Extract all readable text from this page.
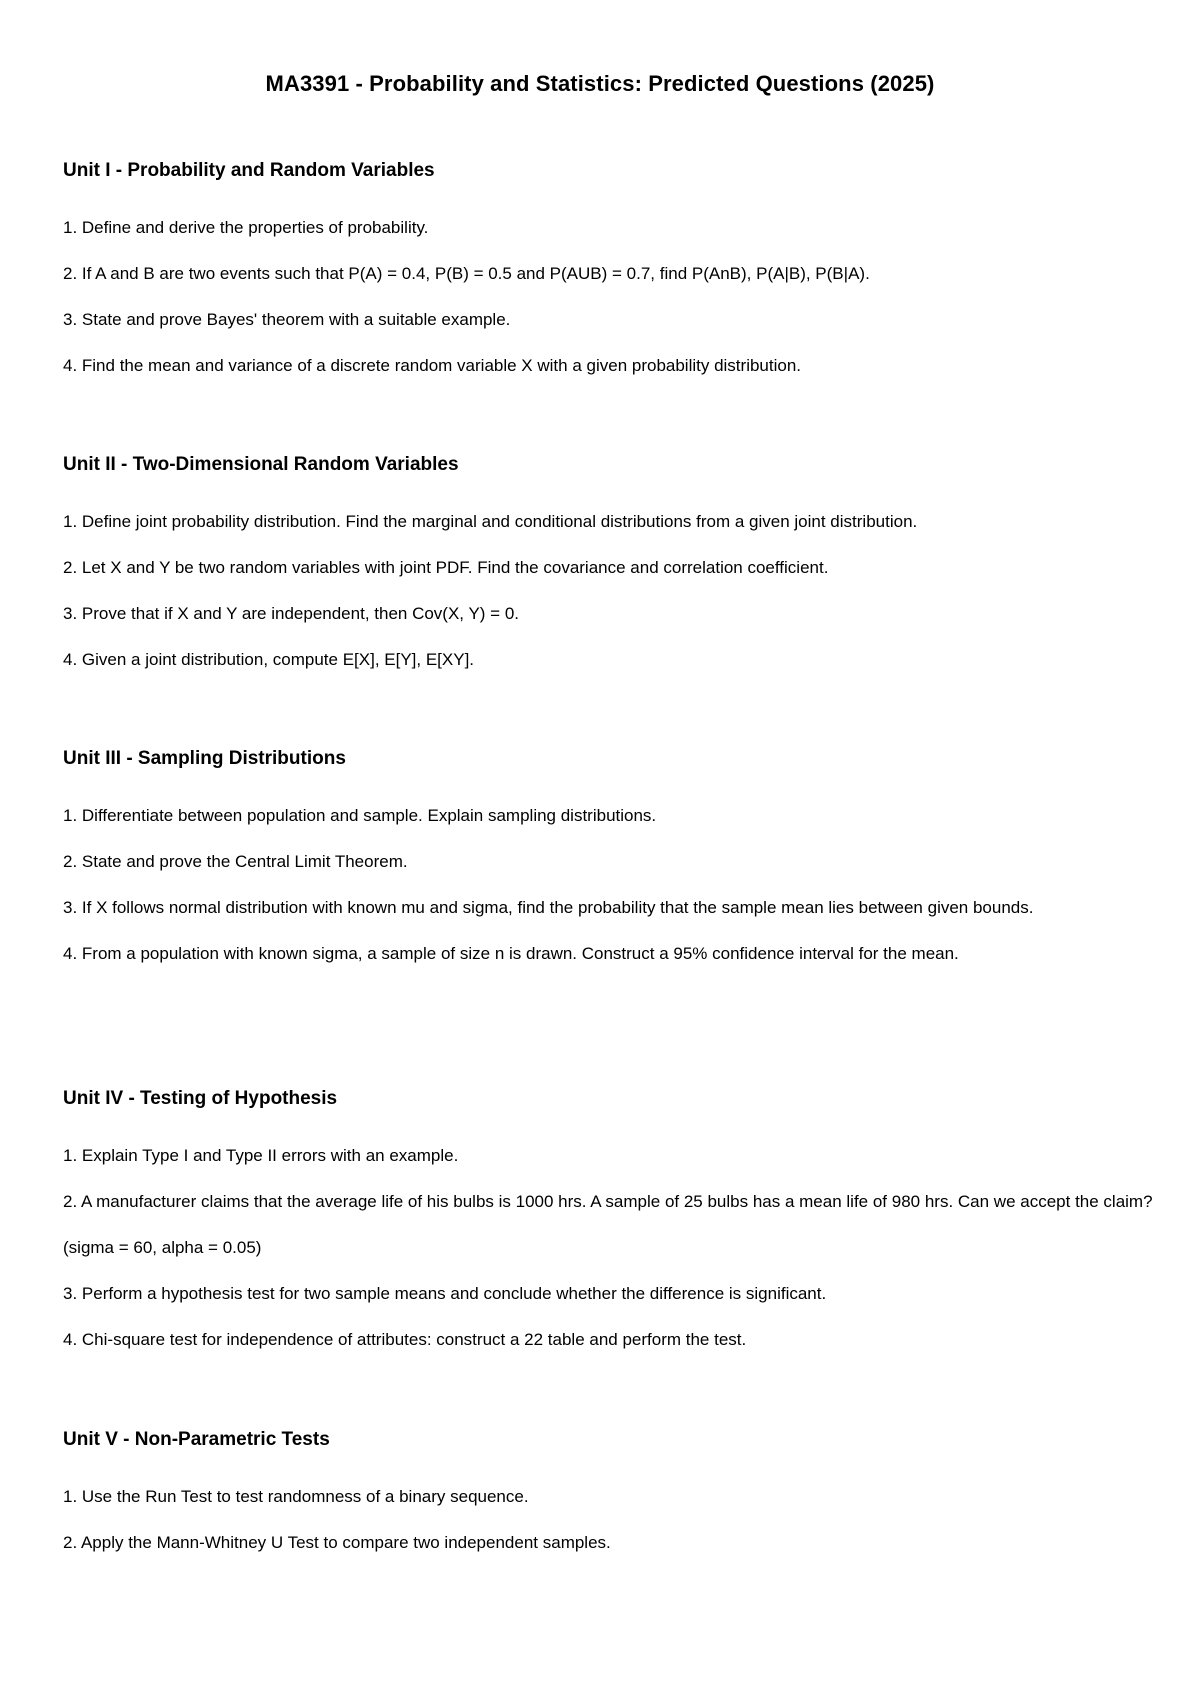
MA3391 - Probability and Statistics: Predicted Questions (2025)
Unit I - Probability and Random Variables
1. Define and derive the properties of probability.
2. If A and B are two events such that P(A) = 0.4, P(B) = 0.5 and P(AUB) = 0.7, find P(AnB), P(A|B), P(B|A).
3. State and prove Bayes' theorem with a suitable example.
4. Find the mean and variance of a discrete random variable X with a given probability distribution.
Unit II - Two-Dimensional Random Variables
1. Define joint probability distribution. Find the marginal and conditional distributions from a given joint distribution.
2. Let X and Y be two random variables with joint PDF. Find the covariance and correlation coefficient.
3. Prove that if X and Y are independent, then Cov(X, Y) = 0.
4. Given a joint distribution, compute E[X], E[Y], E[XY].
Unit III - Sampling Distributions
1. Differentiate between population and sample. Explain sampling distributions.
2. State and prove the Central Limit Theorem.
3. If X follows normal distribution with known mu and sigma, find the probability that the sample mean lies between given bounds.
4. From a population with known sigma, a sample of size n is drawn. Construct a 95% confidence interval for the mean.
Unit IV - Testing of Hypothesis
1. Explain Type I and Type II errors with an example.
2. A manufacturer claims that the average life of his bulbs is 1000 hrs. A sample of 25 bulbs has a mean life of 980 hrs. Can we accept the claim? (sigma = 60, alpha = 0.05)
3. Perform a hypothesis test for two sample means and conclude whether the difference is significant.
4. Chi-square test for independence of attributes: construct a 22 table and perform the test.
Unit V - Non-Parametric Tests
1. Use the Run Test to test randomness of a binary sequence.
2. Apply the Mann-Whitney U Test to compare two independent samples.
